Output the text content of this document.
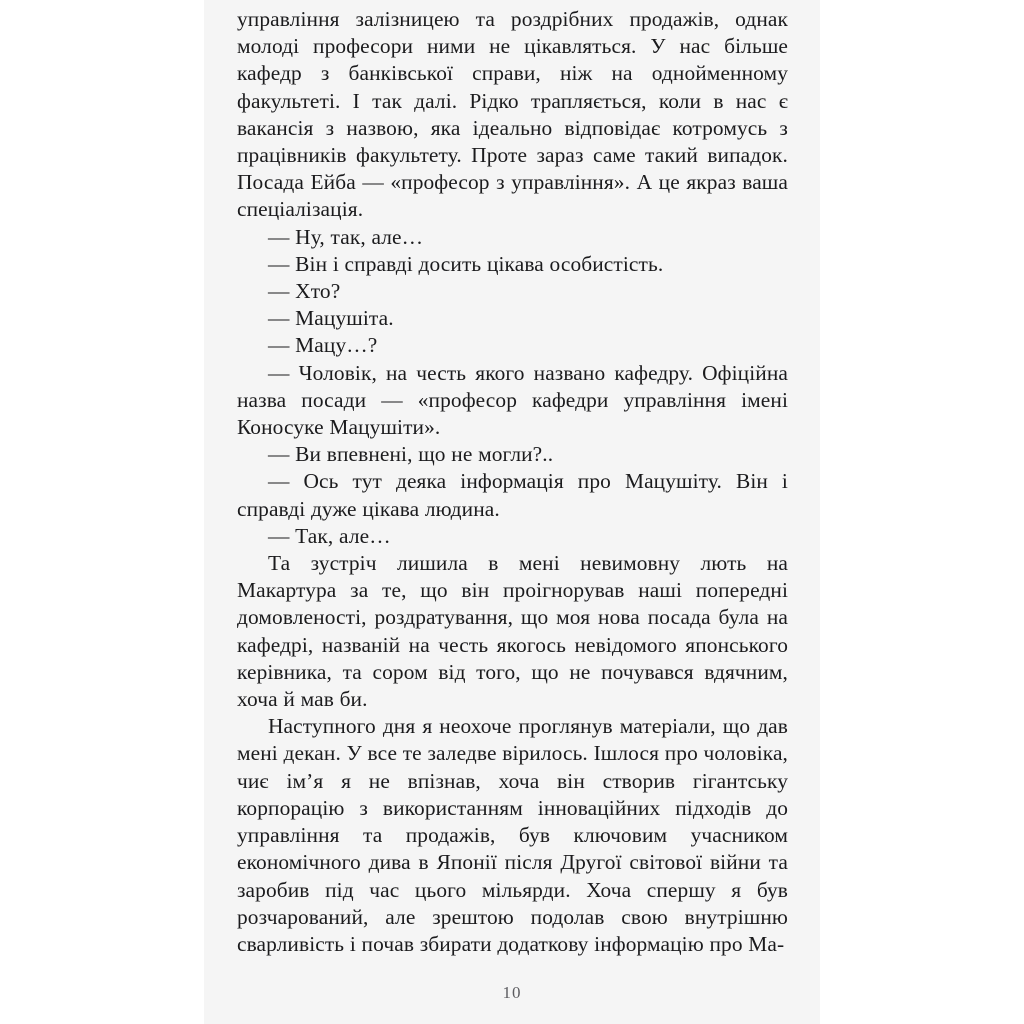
управління залізницею та роздрібних продажів, однак молоді професори ними не цікавляться. У нас більше кафедр з банківської справи, ніж на однойменному факультеті. І так далі. Рідко трапляється, коли в нас є вакансія з назвою, яка ідеально відповідає котромусь з працівників факультету. Проте зараз саме такий випадок. Посада Ейба — «професор з управління». А це якраз ваша спеціалізація.

— Ну, так, але…

— Він і справді досить цікава особистість.

— Хто?

— Мацушіта.

— Мацу…?

— Чоловік, на честь якого названо кафедру. Офіційна назва посади — «професор кафедри управління імені Коносуке Мацушіти».

— Ви впевнені, що не могли?..

— Ось тут деяка інформація про Мацушіту. Він і справді дуже цікава людина.

— Так, але…

Та зустріч лишила в мені невимовну лють на Макартура за те, що він проігнорував наші попередні домовленості, роздратування, що моя нова посада була на кафедрі, названій на честь якогось невідомого японського керівника, та сором від того, що не почувався вдячним, хоча й мав би.

Наступного дня я неохоче проглянув матеріали, що дав мені декан. У все те заледве вірилось. Ішлося про чоловіка, чиє ім’я я не впізнав, хоча він створив гігантську корпорацію з використанням інноваційних підходів до управління та продажів, був ключовим учасником економічного дива в Японії після Другої світової війни та заробив під час цього мільярди. Хоча спершу я був розчарований, але зрештою подолав свою внутрішню сварливість і почав збирати додаткову інформацію про Ма-

10
